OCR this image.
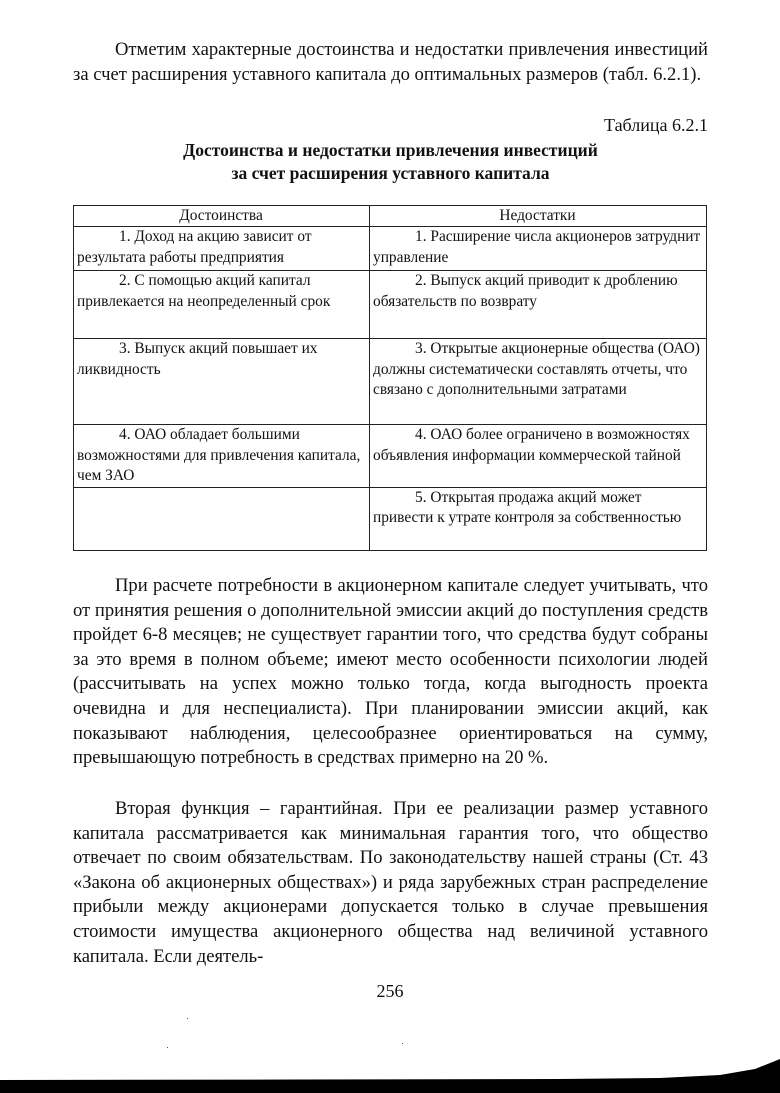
Отметим характерные достоинства и недостатки привлечения инвестиций за счет расширения уставного капитала до оптимальных размеров (табл. 6.2.1).

Таблица 6.2.1

Достоинства и недостатки привлечения инвестиций
за счет расширения уставного капитала
Достоинства	Недостатки

1. Доход на акцию зависит от результата работы предприятия	1. Расширение числа акционеров затруднит управление

2. С помощью акций капитал привлекается на неопределенный срок	2. Выпуск акций приводит к дроблению обязательств по возврату

3. Выпуск акций повышает их ликвидность	3. Открытые акционерные общества (ОАО) должны систематически составлять отчеты, что связано с дополнительными затратами

4. ОАО обладает большими возможностями для привлечения капитала, чем ЗАО	4. ОАО более ограничено в возможностях объявления информации коммерческой тайной

	5. Открытая продажа акций может привести к утрате контроля за собственностью

При расчете потребности в акционерном капитале следует учитывать, что от принятия решения о дополнительной эмиссии акций до поступления средств пройдет 6-8 месяцев; не существует гарантии того, что средства будут собраны за это время в полном объеме; имеют место особенности психологии людей (рассчитывать на успех можно только тогда, когда выгодность проекта очевидна и для неспециалиста). При планировании эмиссии акций, как показывают наблюдения, целесообразнее ориентироваться на сумму, превышающую потребность в средствах примерно на 20 %.

Вторая функция – гарантийная. При ее реализации размер уставного капитала рассматривается как минимальная гарантия того, что общество отвечает по своим обязательствам. По законодательству нашей страны (Ст. 43 «Закона об акционерных обществах») и ряда зарубежных стран распределение прибыли между акционерами допускается только в случае превышения стоимости имущества акционерного общества над величиной уставного капитала. Если деятель-

256
